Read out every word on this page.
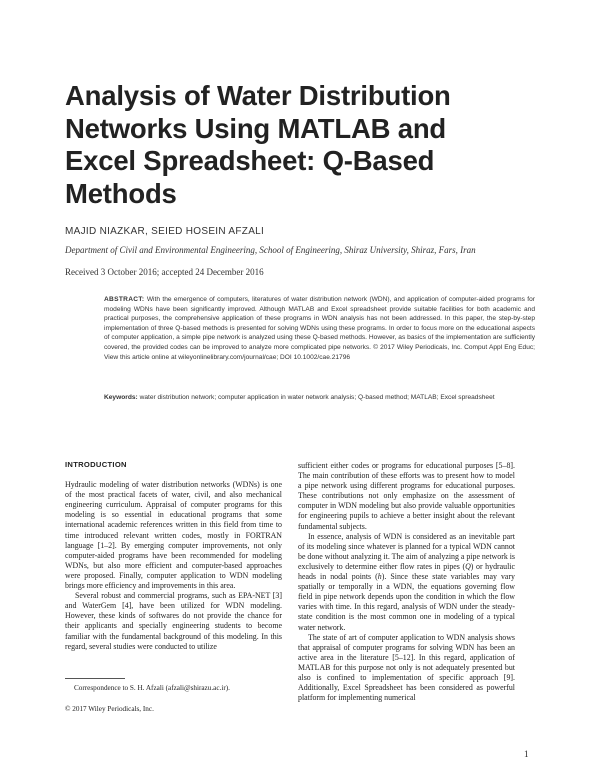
Analysis of Water Distribution Networks Using MATLAB and Excel Spreadsheet: Q-Based Methods

MAJID NIAZKAR, SEIED HOSEIN AFZALI

Department of Civil and Environmental Engineering, School of Engineering, Shiraz University, Shiraz, Fars, Iran

Received 3 October 2016; accepted 24 December 2016

ABSTRACT: With the emergence of computers, literatures of water distribution network (WDN), and application of computer-aided programs for modeling WDNs have been significantly improved. Although MATLAB and Excel spreadsheet provide suitable facilities for both academic and practical purposes, the comprehensive application of these programs in WDN analysis has not been addressed. In this paper, the step-by-step implementation of three Q-based methods is presented for solving WDNs using these programs. In order to focus more on the educational aspects of computer application, a simple pipe network is analyzed using these Q-based methods. However, as basics of the implementation are sufficiently covered, the provided codes can be improved to analyze more complicated pipe networks. © 2017 Wiley Periodicals, Inc. Comput Appl Eng Educ; View this article online at wileyonlinelibrary.com/journal/cae; DOI 10.1002/cae.21796

Keywords: water distribution network; computer application in water network analysis; Q-based method; MATLAB; Excel spreadsheet

INTRODUCTION

Hydraulic modeling of water distribution networks (WDNs) is one of the most practical facets of water, civil, and also mechanical engineering curriculum. Appraisal of computer programs for this modeling is so essential in educational programs that some international academic references written in this field from time to time introduced relevant written codes, mostly in FORTRAN language [1–2]. By emerging computer improvements, not only computer-aided programs have been recommended for modeling WDNs, but also more efficient and computer-based approaches were proposed. Finally, computer application to WDN modeling brings more efficiency and improvements in this area.

Several robust and commercial programs, such as EPA-NET [3] and WaterGem [4], have been utilized for WDN modeling. However, these kinds of softwares do not provide the chance for their applicants and specially engineering students to become familiar with the fundamental background of this modeling. In this regard, several studies were conducted to utilize

sufficient either codes or programs for educational purposes [5–8]. The main contribution of these efforts was to present how to model a pipe network using different programs for educational purposes. These contributions not only emphasize on the assessment of computer in WDN modeling but also provide valuable opportunities for engineering pupils to achieve a better insight about the relevant fundamental subjects.

In essence, analysis of WDN is considered as an inevitable part of its modeling since whatever is planned for a typical WDN cannot be done without analyzing it. The aim of analyzing a pipe network is exclusively to determine either flow rates in pipes (Q) or hydraulic heads in nodal points (h). Since these state variables may vary spatially or temporally in a WDN, the equations governing flow field in pipe network depends upon the condition in which the flow varies with time. In this regard, analysis of WDN under the steady-state condition is the most common one in modeling of a typical water network.

The state of art of computer application to WDN analysis shows that appraisal of computer programs for solving WDN has been an active area in the literature [5–12]. In this regard, application of MATLAB for this purpose not only is not adequately presented but also is confined to implementation of specific approach [9]. Additionally, Excel Spreadsheet has been considered as powerful platform for implementing numerical

Correspondence to S. H. Afzali (afzali@shirazu.ac.ir).

© 2017 Wiley Periodicals, Inc.

1
